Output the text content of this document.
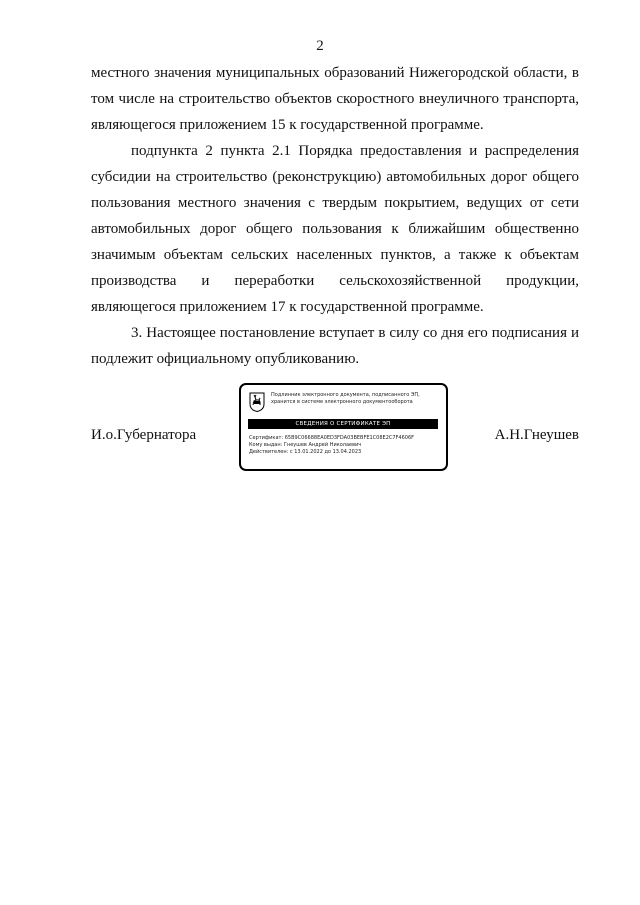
2

местного значения муниципальных образований Нижегородской области, в том числе на строительство объектов скоростного внеуличного транспорта, являющегося приложением 15 к государственной программе.

подпункта 2 пункта 2.1 Порядка предоставления и распределения субсидии на строительство (реконструкцию) автомобильных дорог общего пользования местного значения с твердым покрытием, ведущих от сети автомобильных дорог общего пользования к ближайшим общественно значимым объектам сельских населенных пунктов, а также к объектам производства и переработки сельскохозяйственной продукции, являющегося приложением 17 к государственной программе.

3. Настоящее постановление вступает в силу со дня его подписания и подлежит официальному опубликованию.

И.о.Губернатора
Подлинник электронного документа, подписанного ЭП, хранится в системе электронного документооборота
СВЕДЕНИЯ О СЕРТИФИКАТЕ ЭП
Сертификат: 65B9C06688EA0ED3FDA03BEBFE1C08E2C7F4606F
Кому выдан: Гнеушев Андрей Николаевич
Действителен: с 13.01.2022 до 13.04.2023
А.Н.Гнеушев
